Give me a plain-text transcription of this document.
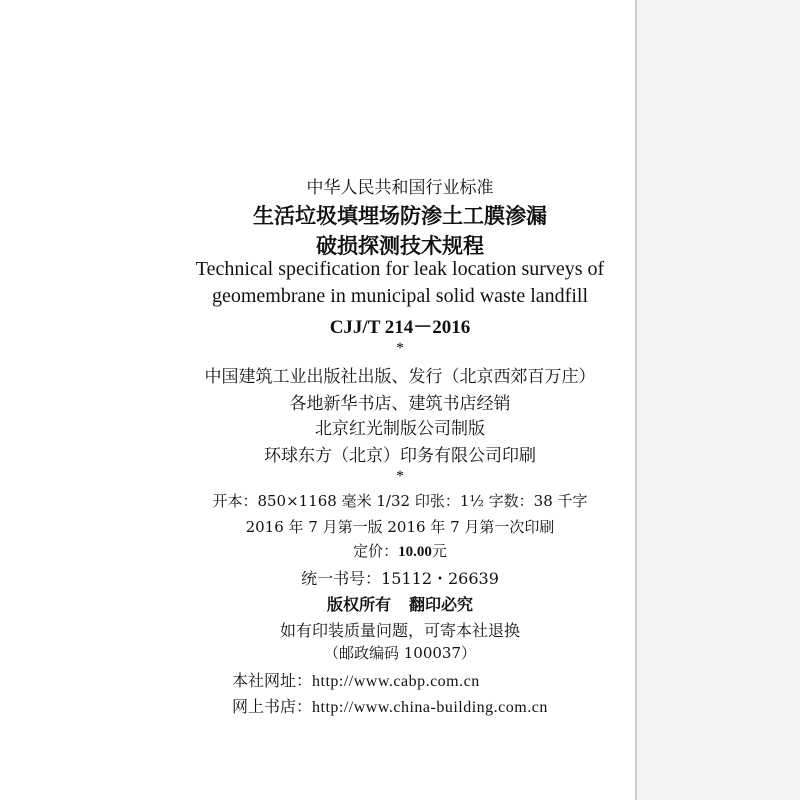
中华人民共和国行业标准
生活垃圾填埋场防渗土工膜渗漏
破损探测技术规程
Technical specification for leak location surveys of
geomembrane in municipal solid waste landfill
CJJ/T 214－2016
*
中国建筑工业出版社出版、发行（北京西郊百万庄）
各地新华书店、建筑书店经销
北京红光制版公司制版
环球东方（北京）印务有限公司印刷
*
开本：850×1168 毫米 1/32 印张：1½ 字数：38 千字
2016 年 7 月第一版 2016 年 7 月第一次印刷
定价：10.00元
统一书号：15112・26639
版权所有 翻印必究
如有印装质量问题，可寄本社退换
（邮政编码 100037）
本社网址：http://www.cabp.com.cn
网上书店：http://www.china-building.com.cn
